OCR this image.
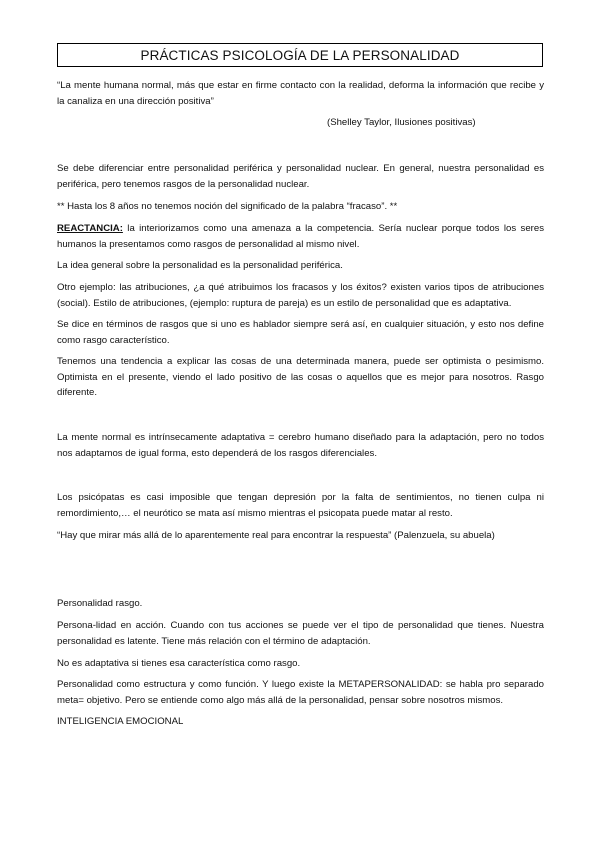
PRÁCTICAS PSICOLOGÍA DE LA PERSONALIDAD

“La mente humana normal, más que estar en firme contacto con la realidad, deforma la información que recibe y la canaliza en una dirección positiva”

(Shelley Taylor, Ilusiones positivas)

Se debe diferenciar entre personalidad periférica y personalidad nuclear. En general, nuestra personalidad es periférica, pero tenemos rasgos de la personalidad nuclear.

** Hasta los 8 años no tenemos noción del significado de la palabra “fracaso”. **

REACTANCIA: la interiorizamos como una amenaza a la competencia. Sería nuclear porque todos los seres humanos la presentamos como rasgos de personalidad al mismo nivel.

La idea general sobre la personalidad es la personalidad periférica.

Otro ejemplo: las atribuciones, ¿a qué atribuimos los fracasos y los éxitos? existen varios tipos de atribuciones (social). Estilo de atribuciones, (ejemplo: ruptura de pareja) es un estilo de personalidad que es adaptativa.

Se dice en términos de rasgos que si uno es hablador siempre será así, en cualquier situación, y esto nos define como rasgo característico.

Tenemos una tendencia a explicar las cosas de una determinada manera, puede ser optimista o pesimismo. Optimista en el presente, viendo el lado positivo de las cosas o aquellos que es mejor para nosotros. Rasgo diferente.

La mente normal es intrínsecamente adaptativa = cerebro humano diseñado para la adaptación, pero no todos nos adaptamos de igual forma, esto dependerá de los rasgos diferenciales.

Los psicópatas es casi imposible que tengan depresión por la falta de sentimientos, no tienen culpa ni remordimiento,… el neurótico se mata así mismo mientras el psicopata puede matar al resto.

“Hay que mirar más allá de lo aparentemente real para encontrar la respuesta” (Palenzuela, su abuela)

Personalidad rasgo.

Persona-lidad en acción. Cuando con tus acciones se puede ver el tipo de personalidad que tienes. Nuestra personalidad es latente. Tiene más relación con el término de adaptación.

No es adaptativa si tienes esa característica como rasgo.

Personalidad como estructura y como función. Y luego existe la METAPERSONALIDAD: se habla pro separado meta= objetivo. Pero se entiende como algo más allá de la personalidad, pensar sobre nosotros mismos.

INTELIGENCIA EMOCIONAL
